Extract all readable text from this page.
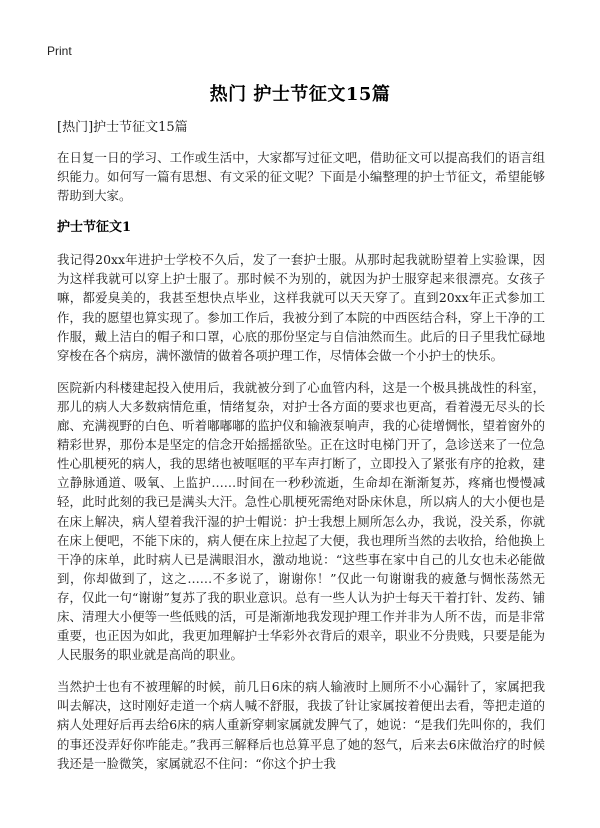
Print
热门 护士节征文15篇
[热门]护士节征文15篇

在日复一日的学习、工作或生活中，大家都写过征文吧，借助征文可以提高我们的语言组织能力。如何写一篇有思想、有文采的征文呢？下面是小编整理的护士节征文，希望能够帮助到大家。

护士节征文1

我记得20xx年进护士学校不久后，发了一套护士服。从那时起我就盼望着上实验课，因为这样我就可以穿上护士服了。那时候不为别的，就因为护士服穿起来很漂亮。女孩子嘛，都爱臭美的，我甚至想快点毕业，这样我就可以天天穿了。直到20xx年正式参加工作，我的愿望也算实现了。参加工作后，我被分到了本院的中西医结合科，穿上干净的工作服，戴上洁白的帽子和口罩，心底的那份坚定与自信油然而生。此后的日子里我忙碌地穿梭在各个病房，满怀激情的做着各项护理工作，尽情体会做一个小护士的快乐。

医院新内科楼建起投入使用后，我就被分到了心血管内科，这是一个极具挑战性的科室，那儿的病人大多数病情危重，情绪复杂，对护士各方面的要求也更高，看着漫无尽头的长廊、充满视野的白色、听着嘟嘟嘟的监护仪和输液泵响声，我的心徒增惆怅，望着窗外的精彩世界，那份本是坚定的信念开始摇摇欲坠。正在这时电梯门开了，急诊送来了一位急性心肌梗死的病人，我的思绪也被哐哐的平车声打断了，立即投入了紧张有序的抢救，建立静脉通道、吸氧、上监护……时间在一秒秒流逝，生命却在渐渐复苏，疼痛也慢慢减轻，此时此刻的我已是满头大汗。急性心肌梗死需绝对卧床休息，所以病人的大小便也是在床上解决，病人望着我汗湿的护士帽说：护士我想上厕所怎么办，我说，没关系，你就在床上便吧，不能下床的，病人便在床上拉起了大便，我也理所当然的去收拾，给他换上干净的床单，此时病人已是满眼泪水，激动地说：“这些事在家中自己的儿女也未必能做到，你却做到了，这之……不多说了，谢谢你！”仅此一句谢谢我的疲惫与惆怅荡然无存，仅此一句“谢谢”复苏了我的职业意识。总有一些人认为护士每天干着打针、发药、铺床、清理大小便等一些低贱的活，可是渐渐地我发现护理工作并非为人所不齿，而是非常重要，也正因为如此，我更加理解护士华彩外衣背后的艰辛，职业不分贵贱，只要是能为人民服务的职业就是高尚的职业。

当然护士也有不被理解的时候，前几日6床的病人输液时上厕所不小心漏针了，家属把我叫去解决，这时刚好走道一个病人喊不舒服，我拔了针让家属按着便出去看，等把走道的病人处理好后再去给6床的病人重新穿刺家属就发脾气了，她说：“是我们先叫你的，我们的事还没弄好你咋能走。”我再三解释后也总算平息了她的怒气，后来去6床做治疗的时候我还是一脸微笑，家属就忍不住问：“你这个护士我
